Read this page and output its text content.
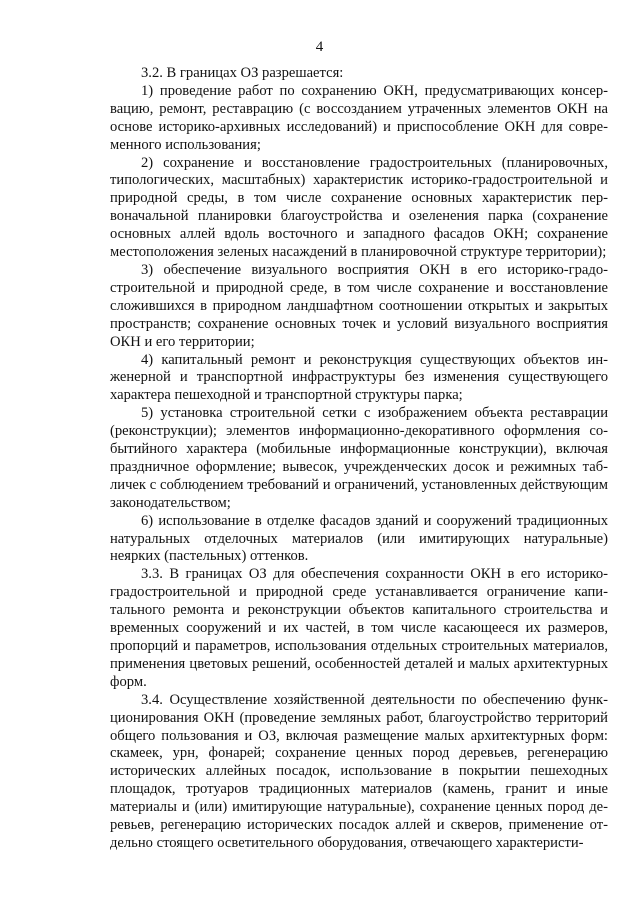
4

3.2. В границах ОЗ разрешается:

1) проведение работ по сохранению ОКН, предусматривающих консервацию, ремонт, реставрацию (с воссозданием утраченных элементов ОКН на основе историко-архивных исследований) и приспособление ОКН для современного использования;

2) сохранение и восстановление градостроительных (планировочных, типологических, масштабных) характеристик историко-градостроительной и природной среды, в том числе сохранение основных характеристик первоначальной планировки благоустройства и озеленения парка (сохранение основных аллей вдоль восточного и западного фасадов ОКН; сохранение местоположения зеленых насаждений в планировочной структуре территории);

3) обеспечение визуального восприятия ОКН в его историко-градостроительной и природной среде, в том числе сохранение и восстановление сложившихся в природном ландшафтном соотношении открытых и закрытых пространств; сохранение основных точек и условий визуального восприятия ОКН и его территории;

4) капитальный ремонт и реконструкция существующих объектов инженерной и транспортной инфраструктуры без изменения существующего характера пешеходной и транспортной структуры парка;

5) установка строительной сетки с изображением объекта реставрации (реконструкции); элементов информационно-декоративного оформления событийного характера (мобильные информационные конструкции), включая праздничное оформление; вывесок, учрежденческих досок и режимных табличек с соблюдением требований и ограничений, установленных действующим законодательством;

6) использование в отделке фасадов зданий и сооружений традиционных натуральных отделочных материалов (или имитирующих натуральные) неярких (пастельных) оттенков.

3.3. В границах ОЗ для обеспечения сохранности ОКН в его историко-градостроительной и природной среде устанавливается ограничение капитального ремонта и реконструкции объектов капитального строительства и временных сооружений и их частей, в том числе касающееся их размеров, пропорций и параметров, использования отдельных строительных материалов, применения цветовых решений, особенностей деталей и малых архитектурных форм.

3.4. Осуществление хозяйственной деятельности по обеспечению функционирования ОКН (проведение земляных работ, благоустройство территорий общего пользования и ОЗ, включая размещение малых архитектурных форм: скамеек, урн, фонарей; сохранение ценных пород деревьев, регенерацию исторических аллейных посадок, использование в покрытии пешеходных площадок, тротуаров традиционных материалов (камень, гранит и иные материалы и (или) имитирующие натуральные), сохранение ценных пород деревьев, регенерацию исторических посадок аллей и скверов, применение отдельно стоящего осветительного оборудования, отвечающего характеристи-
